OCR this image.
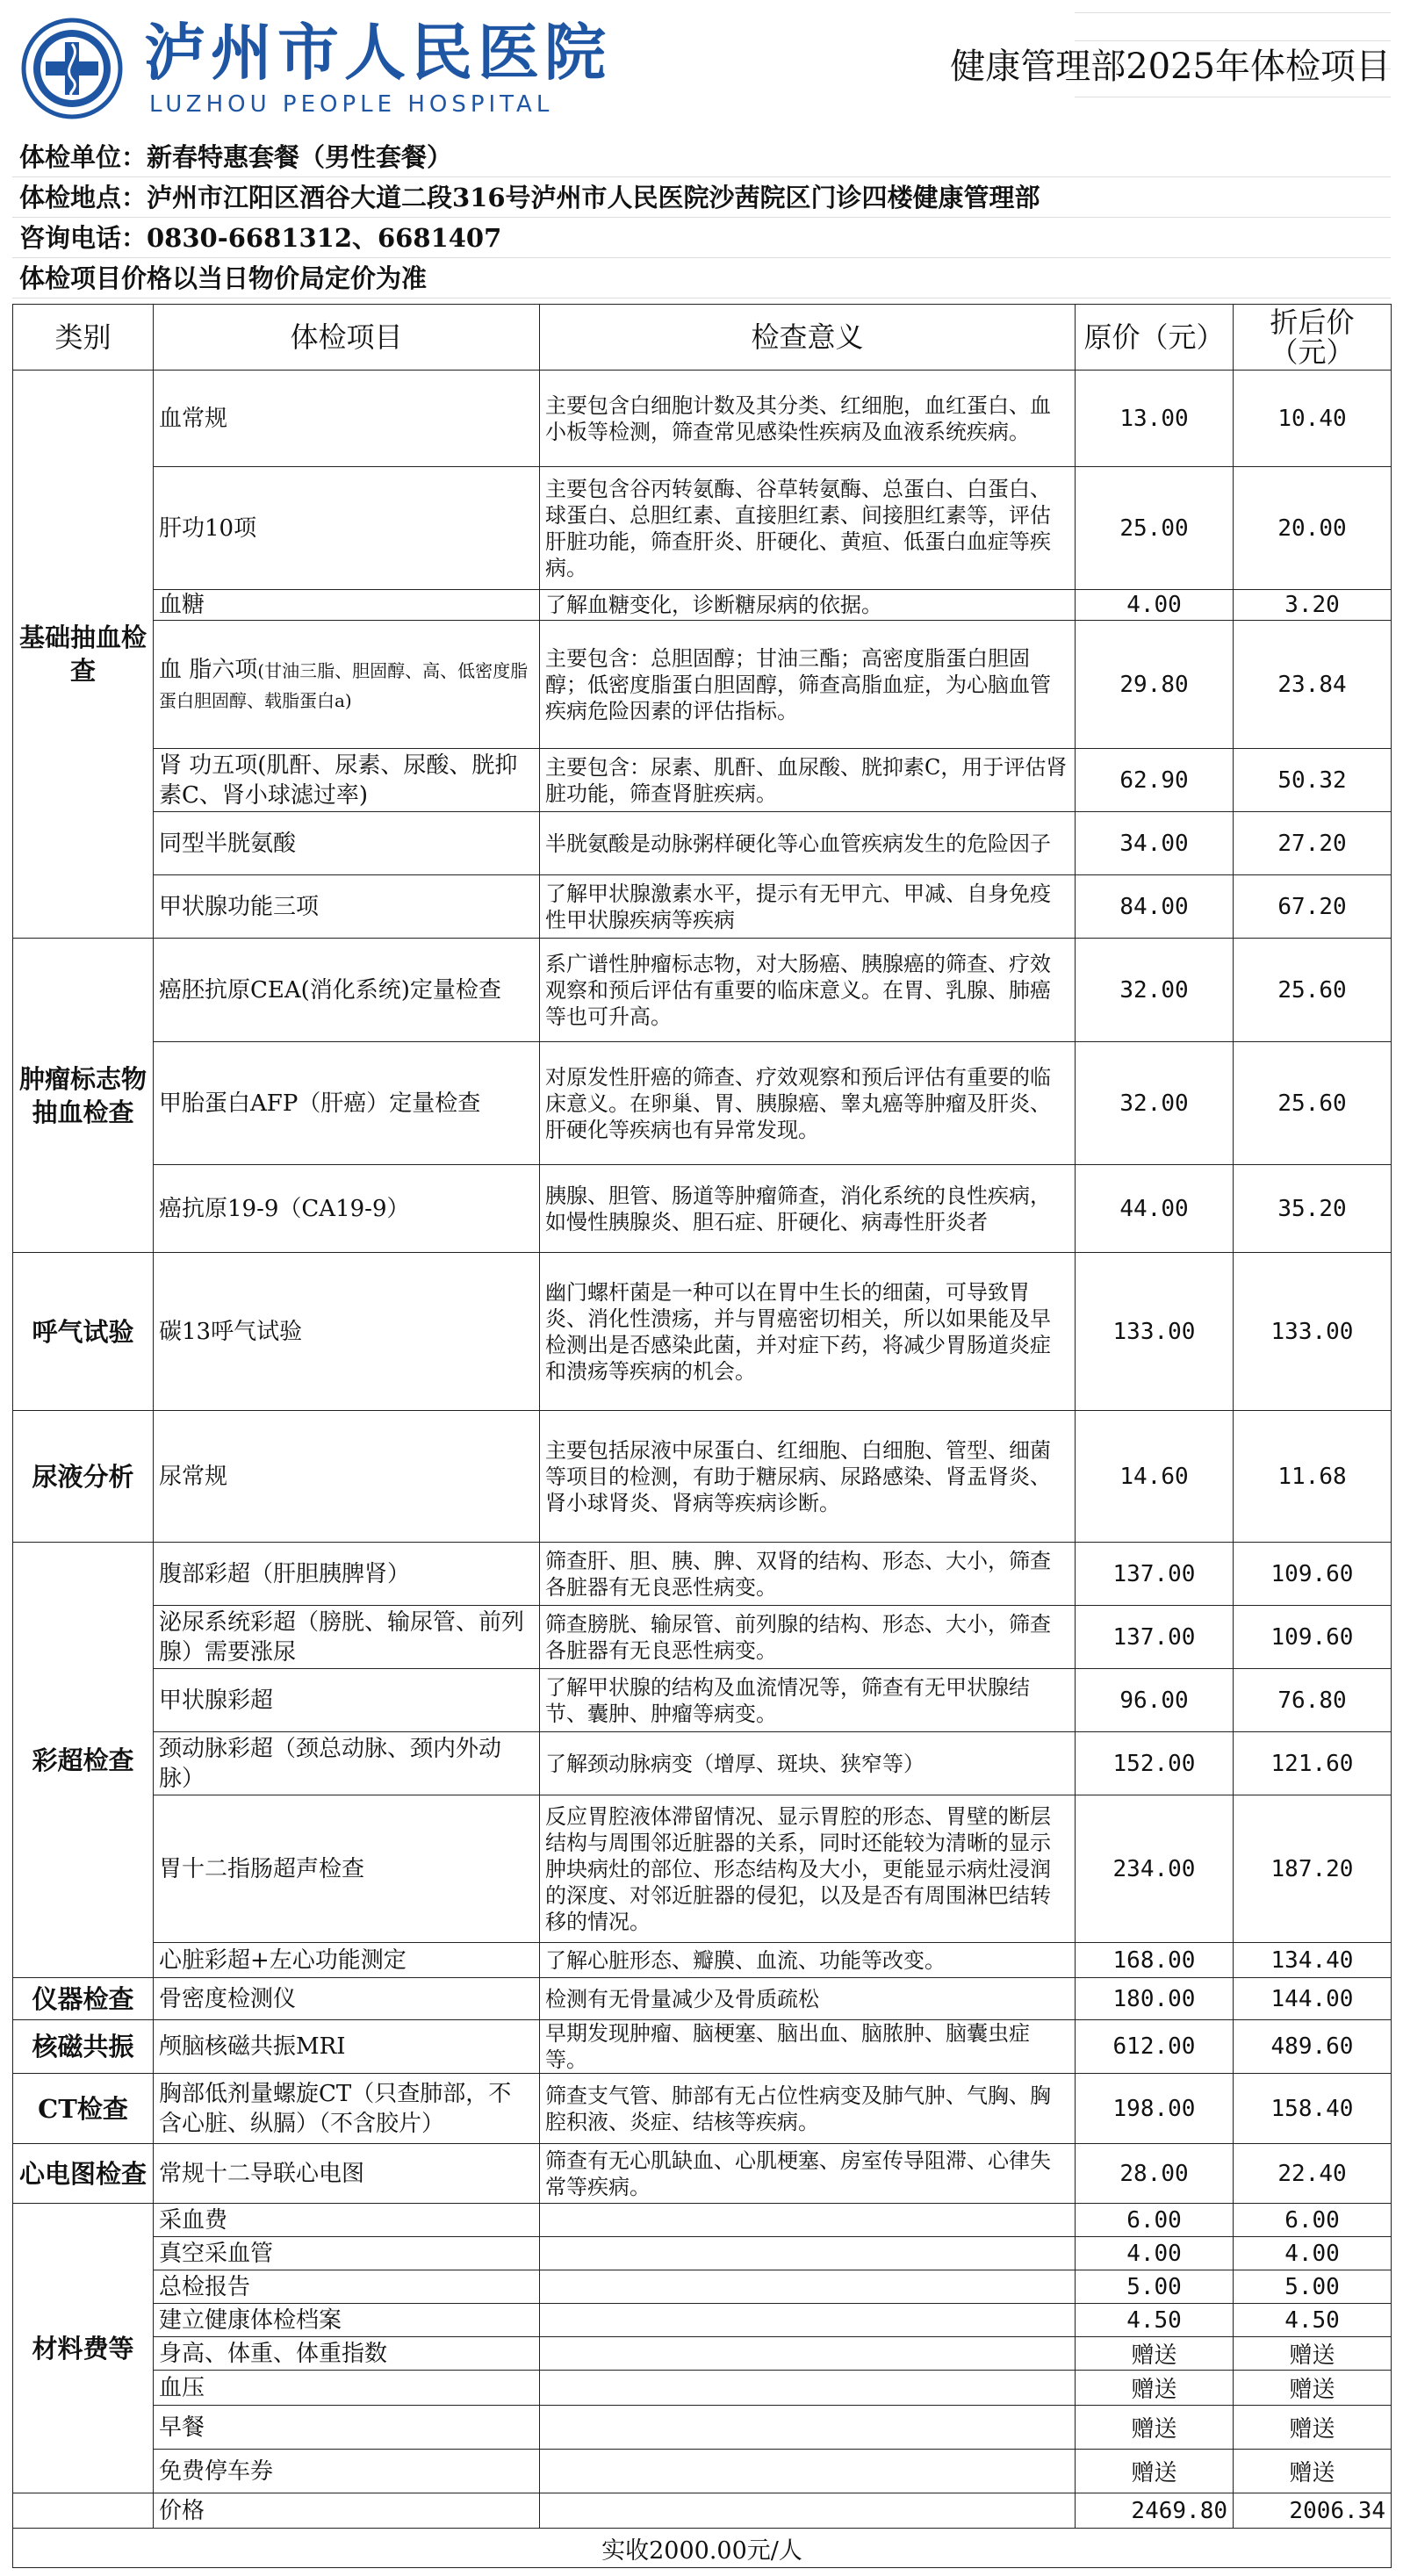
泸州市人民医院
LUZHOU PEOPLE HOSPITAL
健康管理部2025年体检项目
体检单位：新春特惠套餐（男性套餐）
体检地点：泸州市江阳区酒谷大道二段316号泸州市人民医院沙茜院区门诊四楼健康管理部
咨询电话：0830-6681312、6681407
体检项目价格以当日物价局定价为准
类别	体检项目	检查意义	原价（元）	折后价（元）
基础抽血检查	血常规	主要包含白细胞计数及其分类、红细胞，血红蛋白、血小板等检测，筛查常见感染性疾病及血液系统疾病。	13.00	10.40
	肝功10项	主要包含谷丙转氨酶、谷草转氨酶、总蛋白、白蛋白、球蛋白、总胆红素、直接胆红素、间接胆红素等，评估肝脏功能，筛查肝炎、肝硬化、黄疸、低蛋白血症等疾病。	25.00	20.00
	血糖	了解血糖变化，诊断糖尿病的依据。	4.00	3.20
	血 脂六项(甘油三脂、胆固醇、高、低密度脂蛋白胆固醇、载脂蛋白a)	主要包含：总胆固醇；甘油三酯；高密度脂蛋白胆固醇；低密度脂蛋白胆固醇，筛查高脂血症，为心脑血管疾病危险因素的评估指标。	29.80	23.84
	肾 功五项(肌酐、尿素、尿酸、胱抑素C、肾小球滤过率)	主要包含：尿素、肌酐、血尿酸、胱抑素C，用于评估肾脏功能，筛查肾脏疾病。	62.90	50.32
	同型半胱氨酸	半胱氨酸是动脉粥样硬化等心血管疾病发生的危险因子	34.00	27.20
	甲状腺功能三项	了解甲状腺激素水平，提示有无甲亢、甲减、自身免疫性甲状腺疾病等疾病	84.00	67.20
肿瘤标志物抽血检查	癌胚抗原CEA(消化系统)定量检查	系广谱性肿瘤标志物，对大肠癌、胰腺癌的筛查、疗效观察和预后评估有重要的临床意义。在胃、乳腺、肺癌等也可升高。	32.00	25.60
	甲胎蛋白AFP（肝癌）定量检查	对原发性肝癌的筛查、疗效观察和预后评估有重要的临床意义。在卵巢、胃、胰腺癌、睾丸癌等肿瘤及肝炎、肝硬化等疾病也有异常发现。	32.00	25.60
	癌抗原19-9（CA19-9）	胰腺、胆管、肠道等肿瘤筛查，消化系统的良性疾病，如慢性胰腺炎、胆石症、肝硬化、病毒性肝炎者	44.00	35.20
呼气试验	碳13呼气试验	幽门螺杆菌是一种可以在胃中生长的细菌，可导致胃炎、消化性溃疡，并与胃癌密切相关，所以如果能及早检测出是否感染此菌，并对症下药，将减少胃肠道炎症和溃疡等疾病的机会。	133.00	133.00
尿液分析	尿常规	主要包括尿液中尿蛋白、红细胞、白细胞、管型、细菌等项目的检测，有助于糖尿病、尿路感染、肾盂肾炎、肾小球肾炎、肾病等疾病诊断。	14.60	11.68
彩超检查	腹部彩超（肝胆胰脾肾）	筛查肝、胆、胰、脾、双肾的结构、形态、大小，筛查各脏器有无良恶性病变。	137.00	109.60
	泌尿系统彩超（膀胱、输尿管、前列腺）需要涨尿	筛查膀胱、输尿管、前列腺的结构、形态、大小，筛查各脏器有无良恶性病变。	137.00	109.60
	甲状腺彩超	了解甲状腺的结构及血流情况等，筛查有无甲状腺结节、囊肿、肿瘤等病变。	96.00	76.80
	颈动脉彩超（颈总动脉、颈内外动脉）	了解颈动脉病变（增厚、斑块、狭窄等）	152.00	121.60
	胃十二指肠超声检查	反应胃腔液体滞留情况、显示胃腔的形态、胃壁的断层结构与周围邻近脏器的关系，同时还能较为清晰的显示肿块病灶的部位、形态结构及大小，更能显示病灶浸润的深度、对邻近脏器的侵犯，以及是否有周围淋巴结转移的情况。	234.00	187.20
	心脏彩超+左心功能测定	了解心脏形态、瓣膜、血流、功能等改变。	168.00	134.40
仪器检查	骨密度检测仪	检测有无骨量减少及骨质疏松	180.00	144.00
核磁共振	颅脑核磁共振MRI	早期发现肿瘤、脑梗塞、脑出血、脑脓肿、脑囊虫症等。	612.00	489.60
CT检查	胸部低剂量螺旋CT（只查肺部，不含心脏、纵膈）（不含胶片）	筛查支气管、肺部有无占位性病变及肺气肿、气胸、胸腔积液、炎症、结核等疾病。	198.00	158.40
心电图检查	常规十二导联心电图	筛查有无心肌缺血、心肌梗塞、房室传导阻滞、心律失常等疾病。	28.00	22.40
材料费等	采血费		6.00	6.00
	真空采血管		4.00	4.00
	总检报告		5.00	5.00
	建立健康体检档案		4.50	4.50
	身高、体重、体重指数		赠送	赠送
	血压		赠送	赠送
	早餐		赠送	赠送
	免费停车券		赠送	赠送
	价格		2469.80	2006.34
实收2000.00元/人				
